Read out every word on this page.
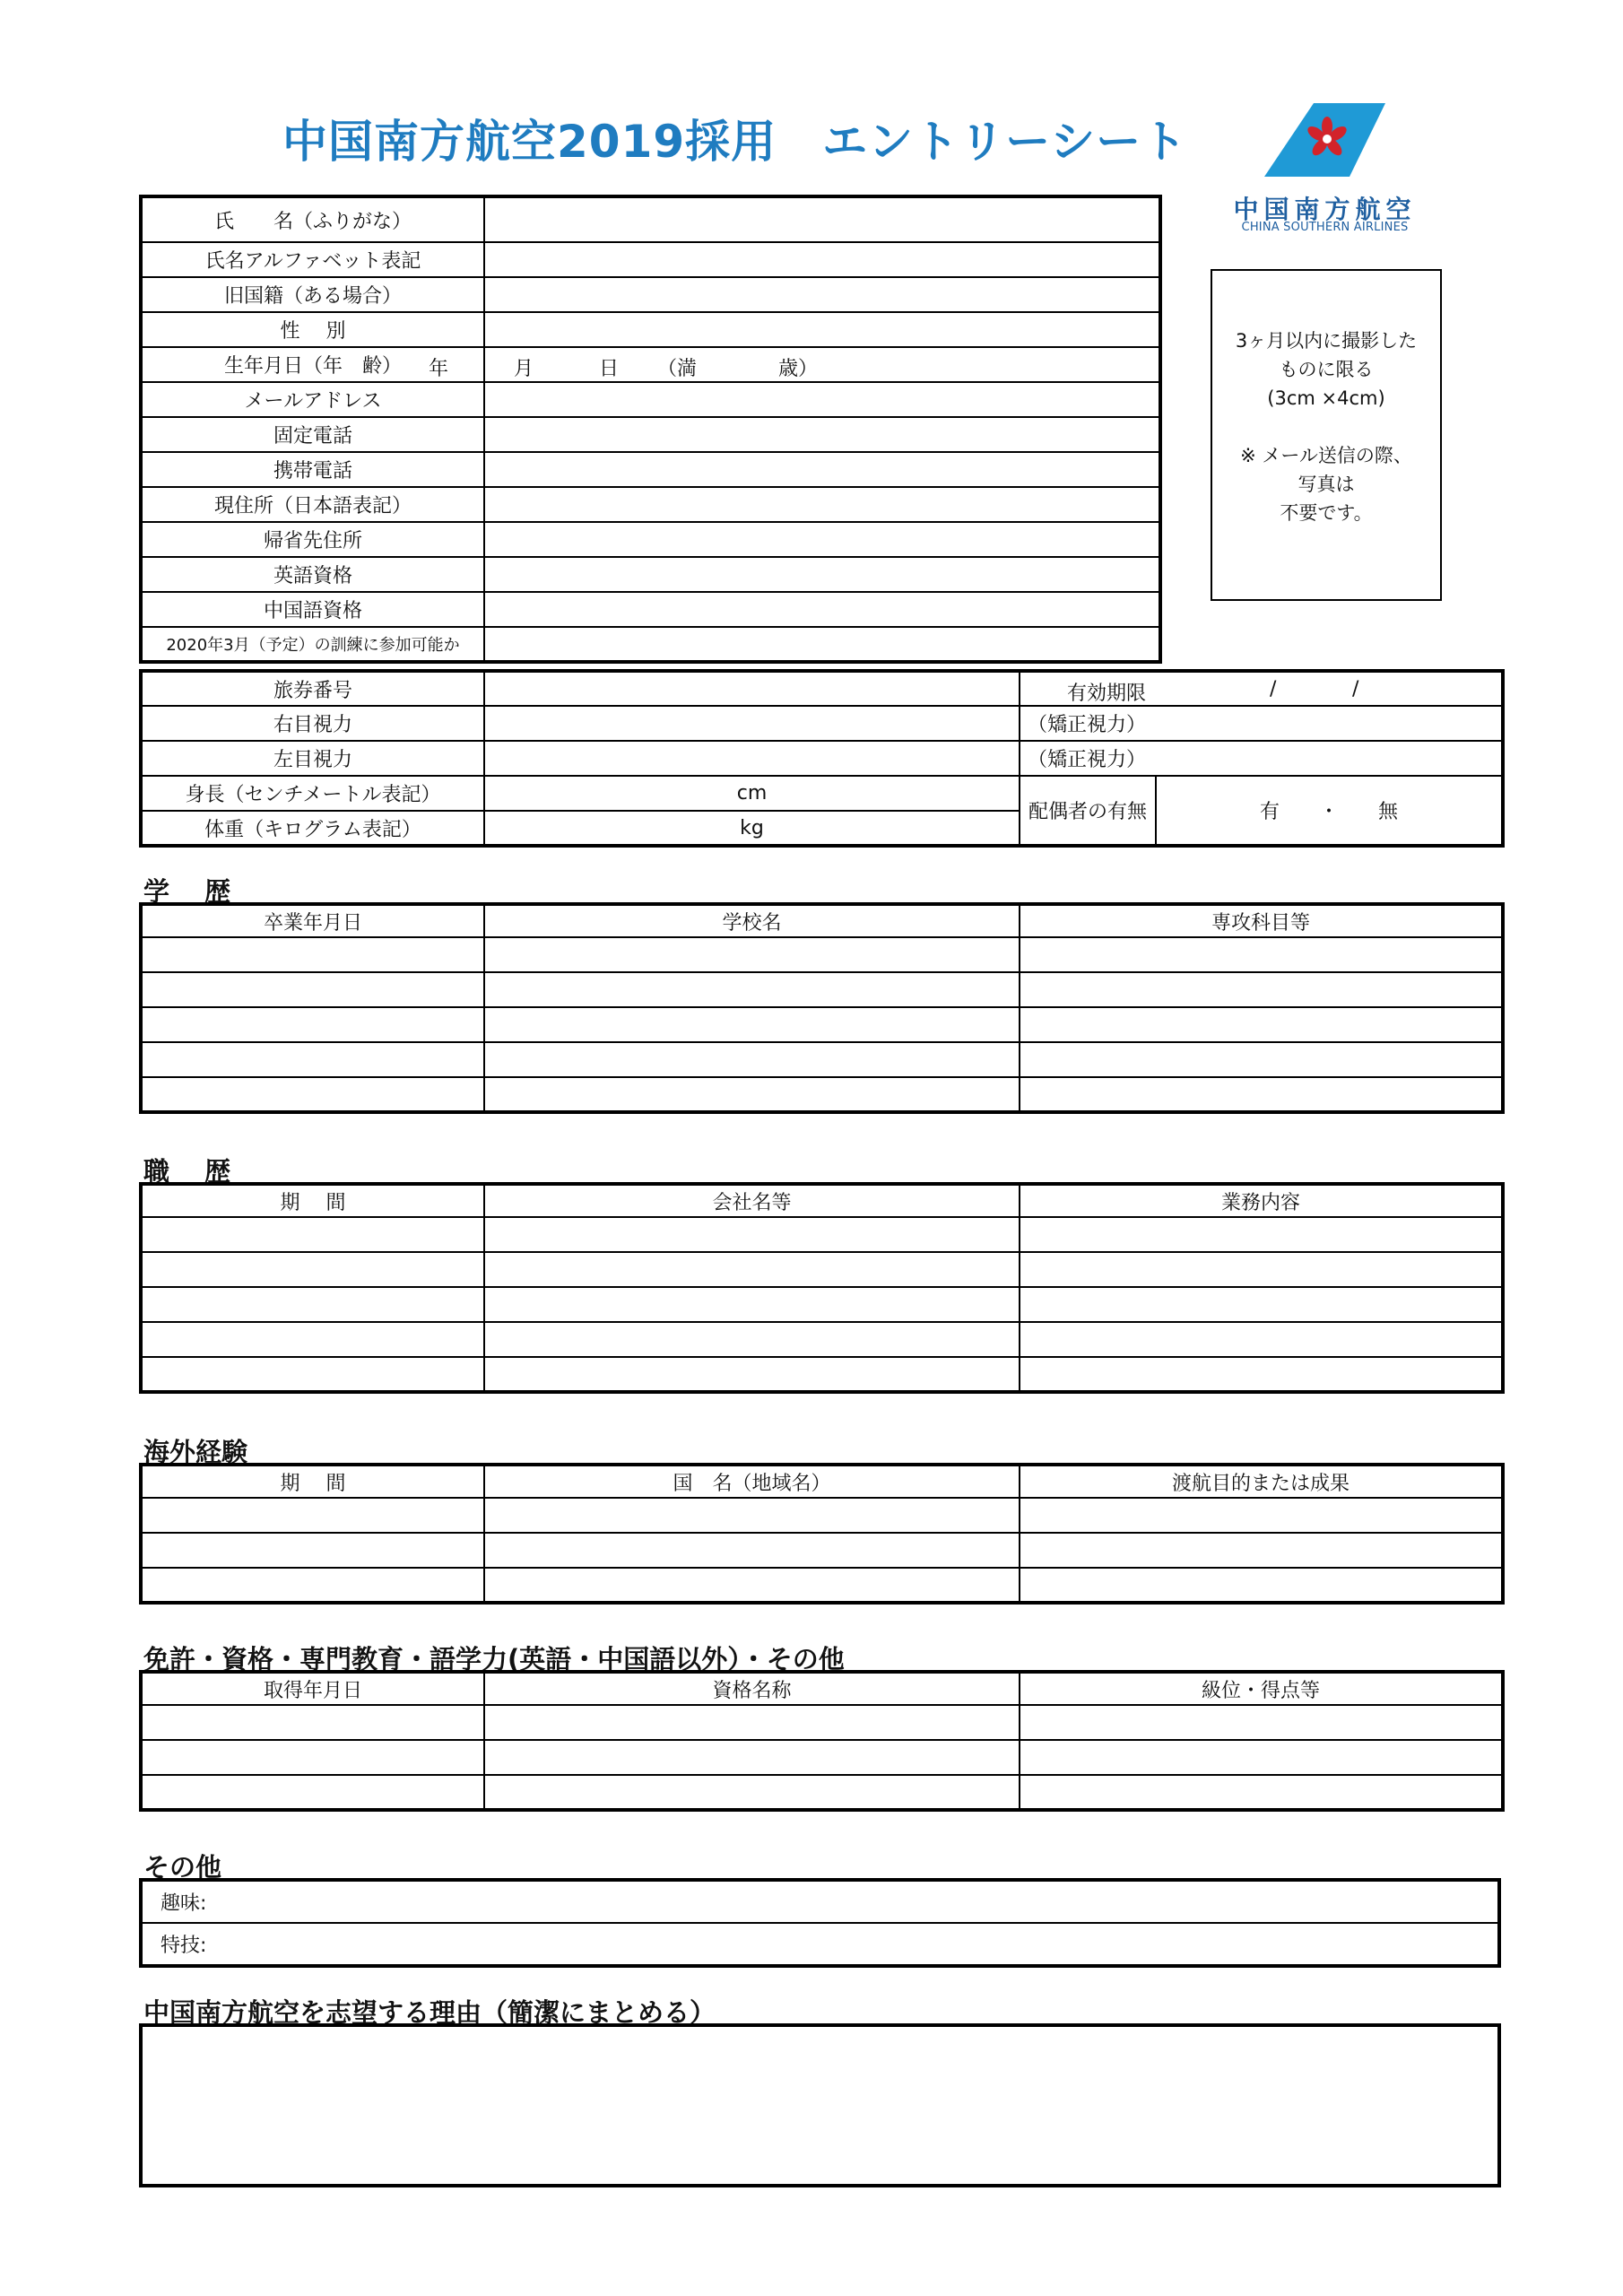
中国南方航空2019採用　エントリーシート
中国南方航空
CHINA SOUTHERN AIRLINES
3ヶ月以内に撮影した
ものに限る
(3cm ×4cm)
※ メール送信の際、
写真は
不要です。
氏　　名（ふりがな）	
氏名アルファベット表記	
旧国籍（ある場合）	
性　 別	
生年月日（年　齢）	年 月 日 （満 歳）

メールアドレス	
固定電話	
携帯電話	
現住所（日本語表記）	
帰省先住所	
英語資格	
中国語資格	
2020年3月（予定）の訓練に参加可能か	
旅券番号		有効期限 / /	

右目視力		（矯正視力）	
左目視力		（矯正視力）	
身長（センチメートル表記）	cm	配偶者の有無	有　　・　　無
体重（キログラム表記）	kg		
学　 歴
卒業年月日	学校名	専攻科目等

職　 歴
期　 間	会社名等	業務内容

海外経験
期　 間	国　名（地域名）	渡航目的または成果

免許・資格・専門教育・語学力(英語・中国語以外）・その他
取得年月日	資格名称	級位・得点等

その他
趣味:
特技:
中国南方航空を志望する理由（簡潔にまとめる）
